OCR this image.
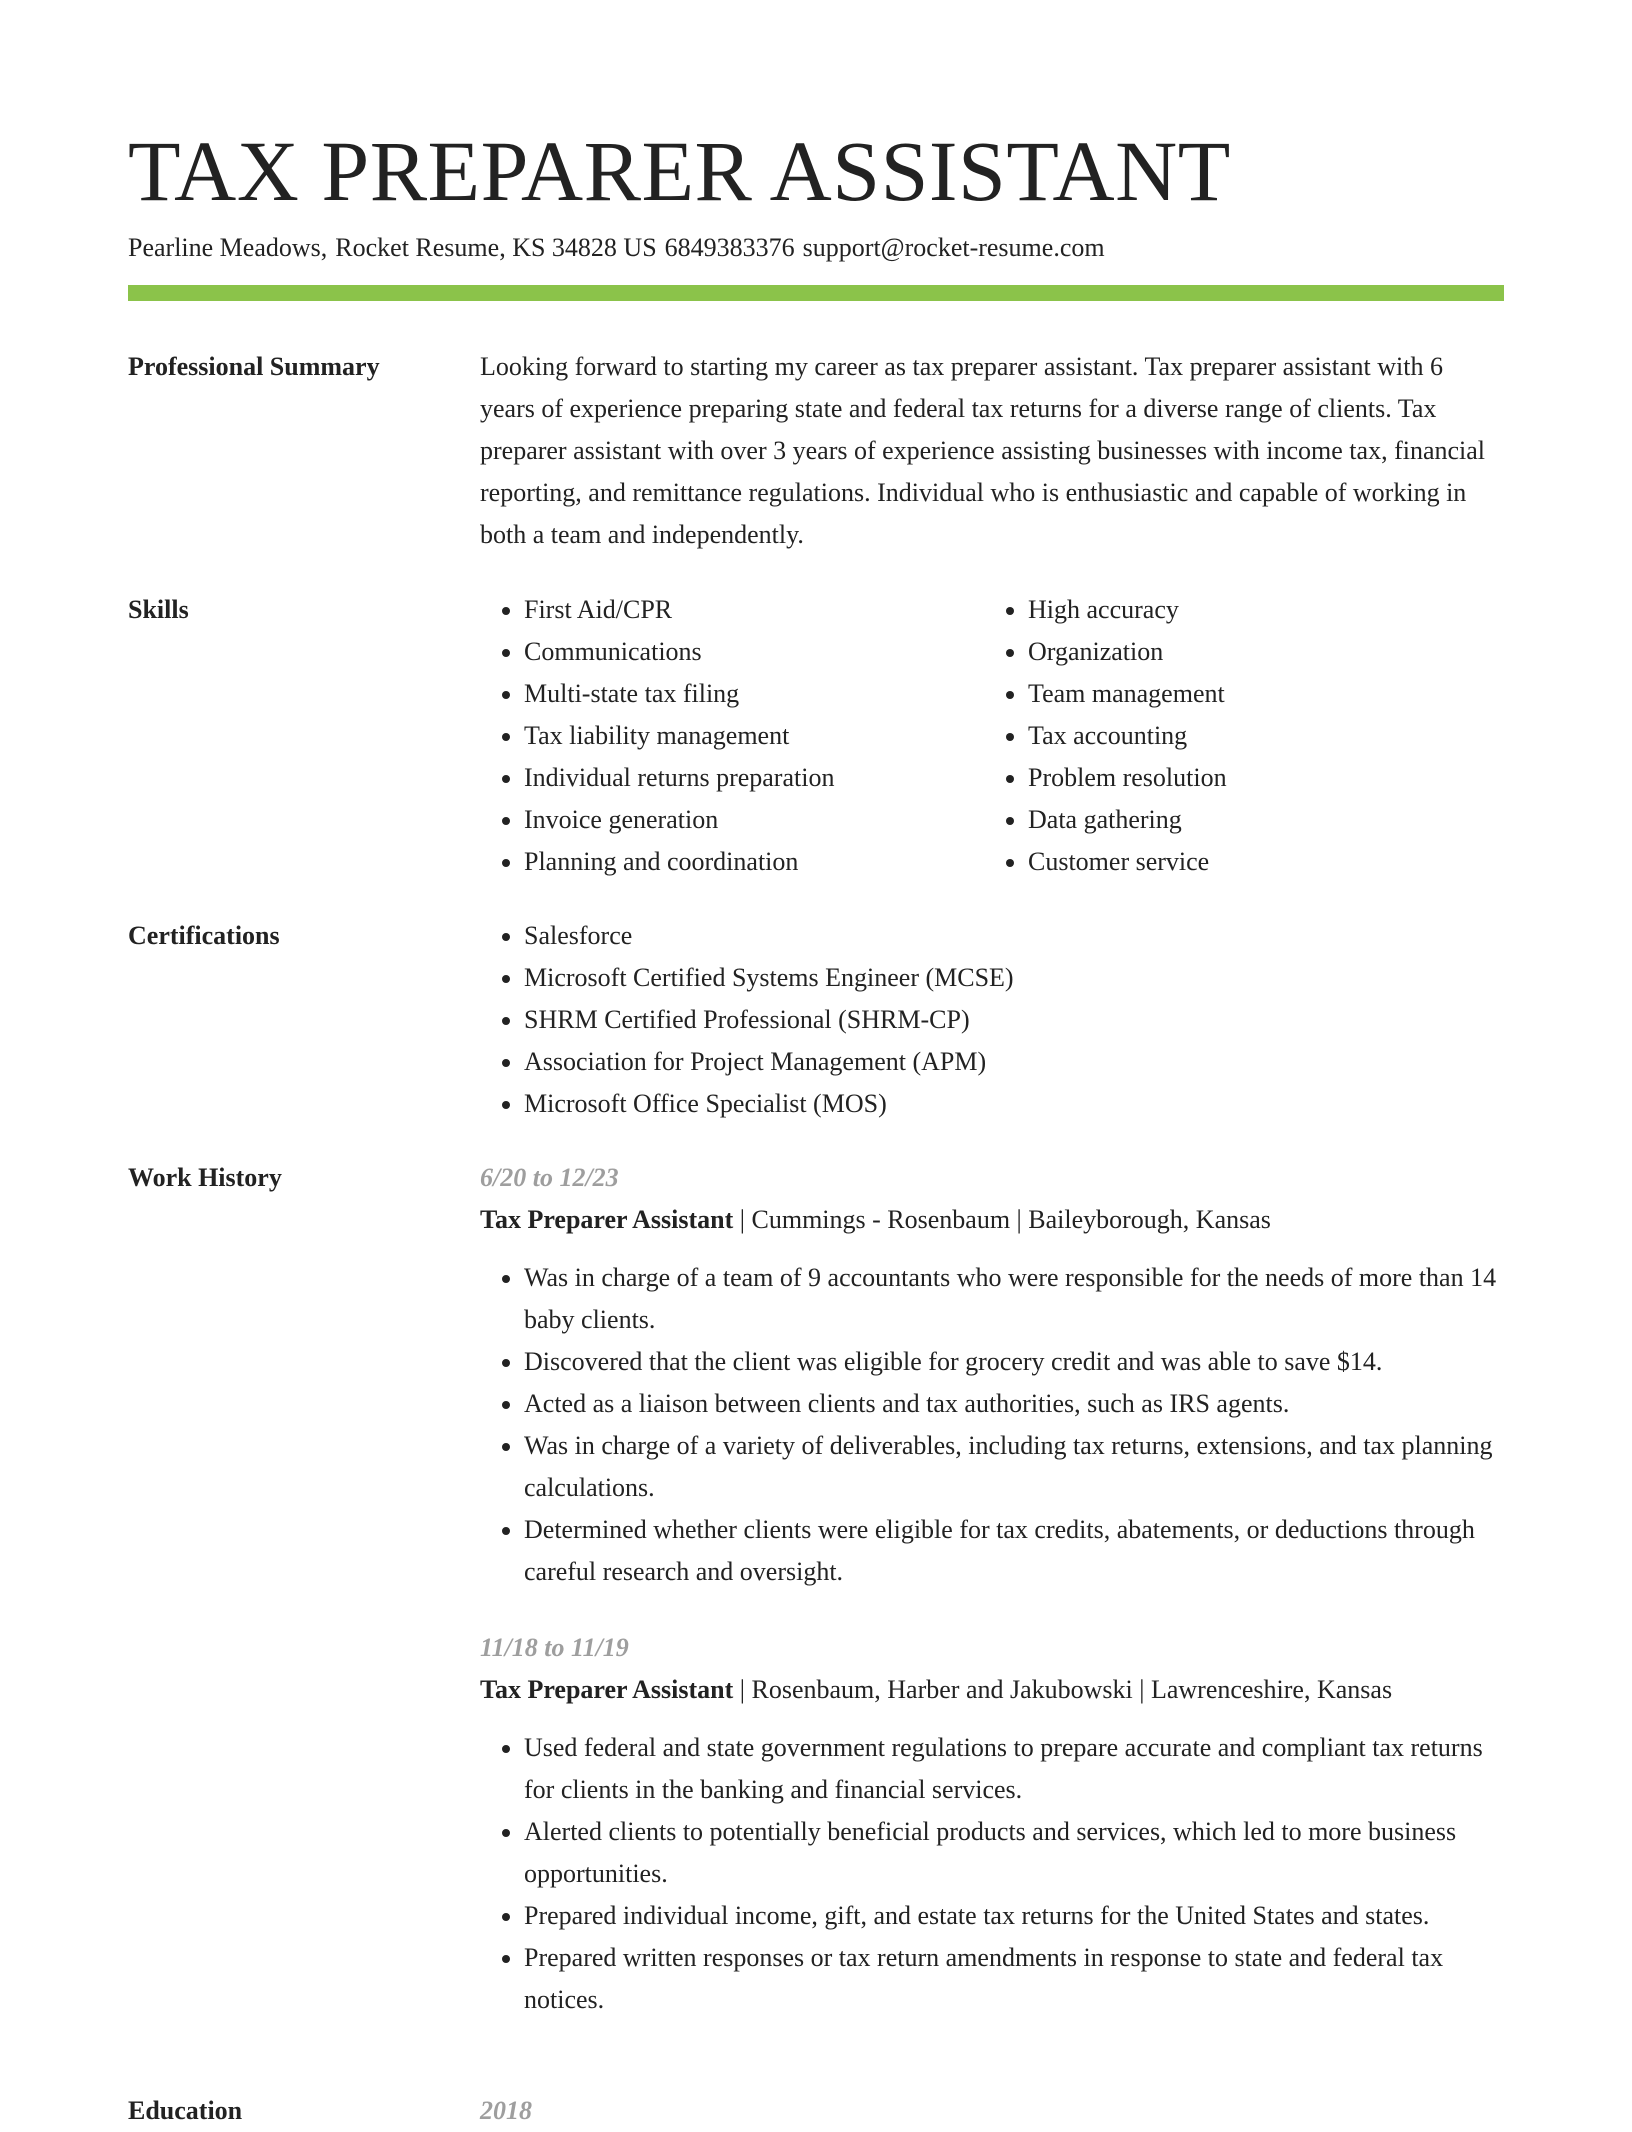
TAX PREPARER ASSISTANT
Pearline Meadows, Rocket Resume, KS 34828 US 6849383376 support@rocket-resume.com
Professional Summary	Looking forward to starting my career as tax preparer assistant. Tax preparer assistant with 6 years of experience preparing state and federal tax returns for a diverse range of clients. Tax preparer assistant with over 3 years of experience assisting businesses with income tax, financial reporting, and remittance regulations. Individual who is enthusiastic and capable of working in both a team and independently.

Skills	• First Aid/CPR
• Communications
• Multi-state tax filing
• Tax liability management
• Individual returns preparation
• Invoice generation
• Planning and coordination
• High accuracy
• Organization
• Team management
• Tax accounting
• Problem resolution
• Data gathering
• Customer service
Certifications	• Salesforce
• Microsoft Certified Systems Engineer (MCSE)
• SHRM Certified Professional (SHRM-CP)
• Association for Project Management (APM)
• Microsoft Office Specialist (MOS)
Work History	6/20 to 12/23
Tax Preparer Assistant | Cummings - Rosenbaum | Baileyborough, Kansas
• Was in charge of a team of 9 accountants who were responsible for the needs of more than 14 baby clients.
• Discovered that the client was eligible for grocery credit and was able to save $14.
• Acted as a liaison between clients and tax authorities, such as IRS agents.
• Was in charge of a variety of deliverables, including tax returns, extensions, and tax planning calculations.
• Determined whether clients were eligible for tax credits, abatements, or deductions through careful research and oversight.
11/18 to 11/19
Tax Preparer Assistant | Rosenbaum, Harber and Jakubowski | Lawrenceshire, Kansas
• Used federal and state government regulations to prepare accurate and compliant tax returns for clients in the banking and financial services.
• Alerted clients to potentially beneficial products and services, which led to more business opportunities.
• Prepared individual income, gift, and estate tax returns for the United States and states.
• Prepared written responses or tax return amendments in response to state and federal tax notices.
Education	2018
